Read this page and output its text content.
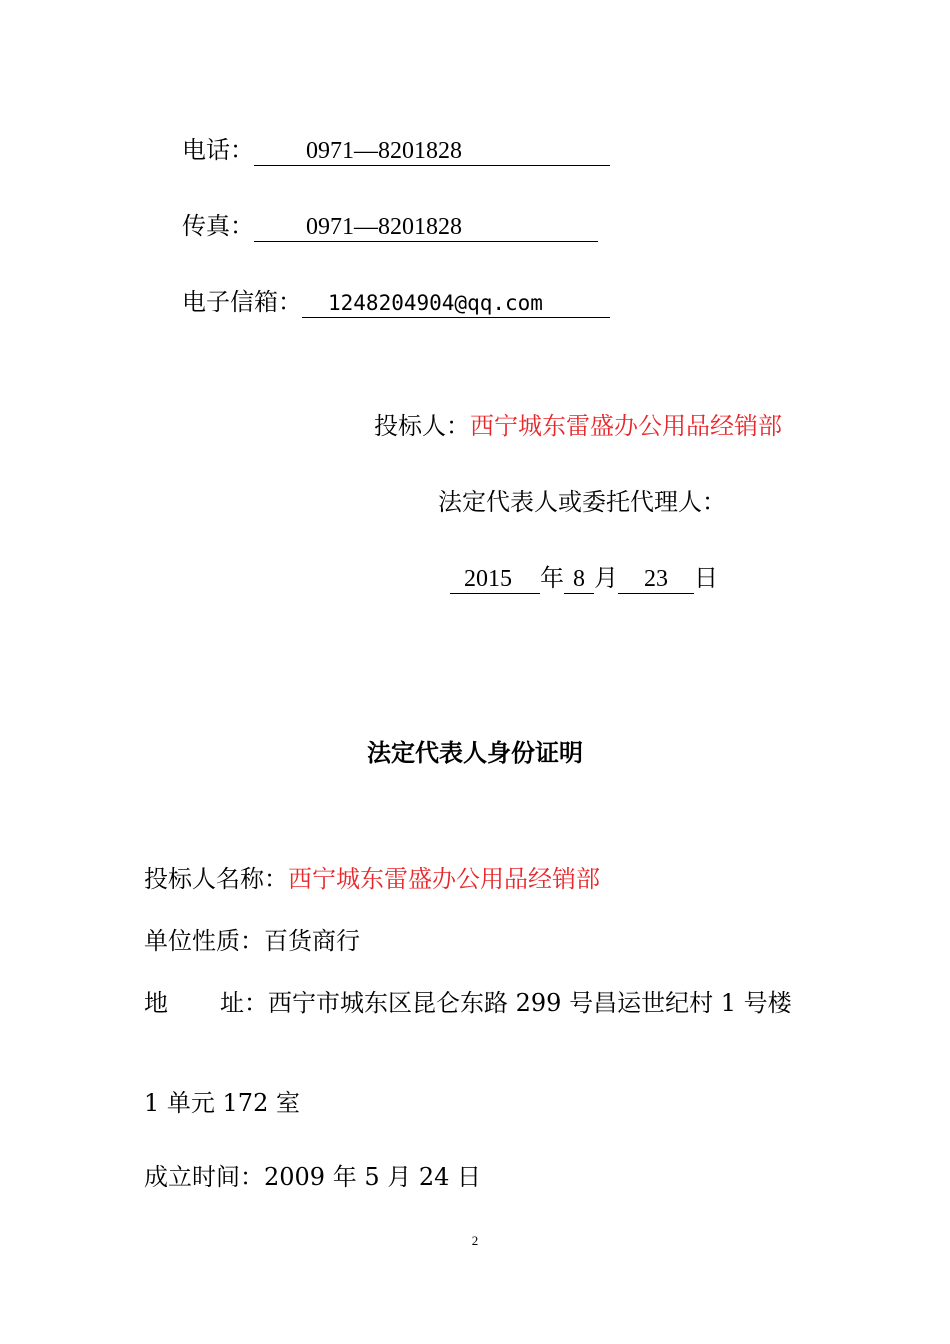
电话： 0971—8201828
传真： 0971—8201828
电子信箱： 1248204904@qq.com
投标人：西宁城东雷盛办公用品经销部
法定代表人或委托代理人：
2015 年 8 月 23 日
法定代表人身份证明
投标人名称：西宁城东雷盛办公用品经销部
单位性质：百货商行
地 址：西宁市城东区昆仑东路 299 号昌运世纪村 1 号楼
1 单元 172 室
成立时间：2009 年 5 月 24 日
2
